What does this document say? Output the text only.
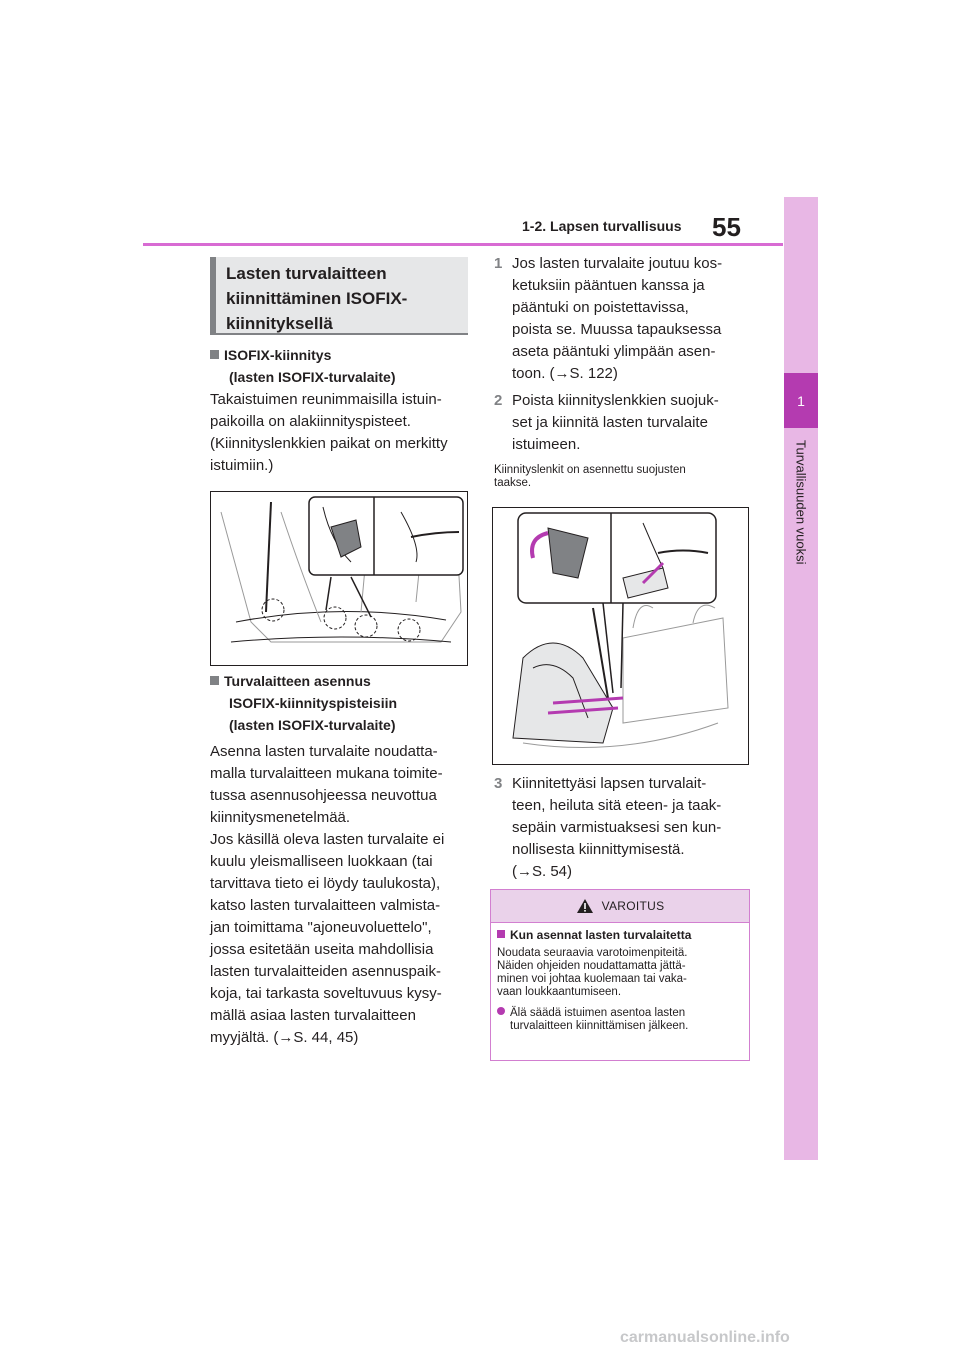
1-2. Lapsen turvallisuus 55
1
Turvallisuuden vuoksi
Lasten turvalaitteen
kiinnittäminen ISOFIX-
kiinnityksellä
ISOFIX-kiinnitys
(lasten ISOFIX-turvalaite)
Takaistuimen reunimmaisilla istuin-
paikoilla on alakiinnityspisteet.
(Kiinnityslenkkien paikat on merkitty
istuimiin.)
Turvalaitteen asennus
ISOFIX-kiinnityspisteisiin
(lasten ISOFIX-turvalaite)
Asenna lasten turvalaite noudatta-
malla turvalaitteen mukana toimite-
tussa asennusohjeessa neuvottua
kiinnitysmenetelmää.
Jos käsillä oleva lasten turvalaite ei
kuulu yleismalliseen luokkaan (tai
tarvittava tieto ei löydy taulukosta),
katso lasten turvalaitteen valmista-
jan toimittama "ajoneuvoluettelo",
jossa esitetään useita mahdollisia
lasten turvalaitteiden asennuspaik-
koja, tai tarkasta soveltuvuus kysy-
mällä asiaa lasten turvalaitteen
myyjältä. (→S. 44, 45)
1 Jos lasten turvalaite joutuu kos-
ketuksiin pääntuen kanssa ja
pääntuki on poistettavissa,
poista se. Muussa tapauksessa
aseta pääntuki ylimpään asen-
toon. (→S. 122)
2 Poista kiinnityslenkkien suojuk-
set ja kiinnitä lasten turvalaite
istuimeen.
Kiinnityslenkit on asennettu suojusten
taakse.
3 Kiinnitettyäsi lapsen turvalait-
teen, heiluta sitä eteen- ja taak-
sepäin varmistuaksesi sen kun-
nollisesta kiinnittymisestä.
(→S. 54)
VAROITUS
Kun asennat lasten turvalaitetta
Noudata seuraavia varotoimenpiteitä.
Näiden ohjeiden noudattamatta jättä-
minen voi johtaa kuolemaan tai vaka-
vaan loukkaantumiseen.
Älä säädä istuimen asentoa lasten
turvalaitteen kiinnittämisen jälkeen.
carmanualsonline.info
